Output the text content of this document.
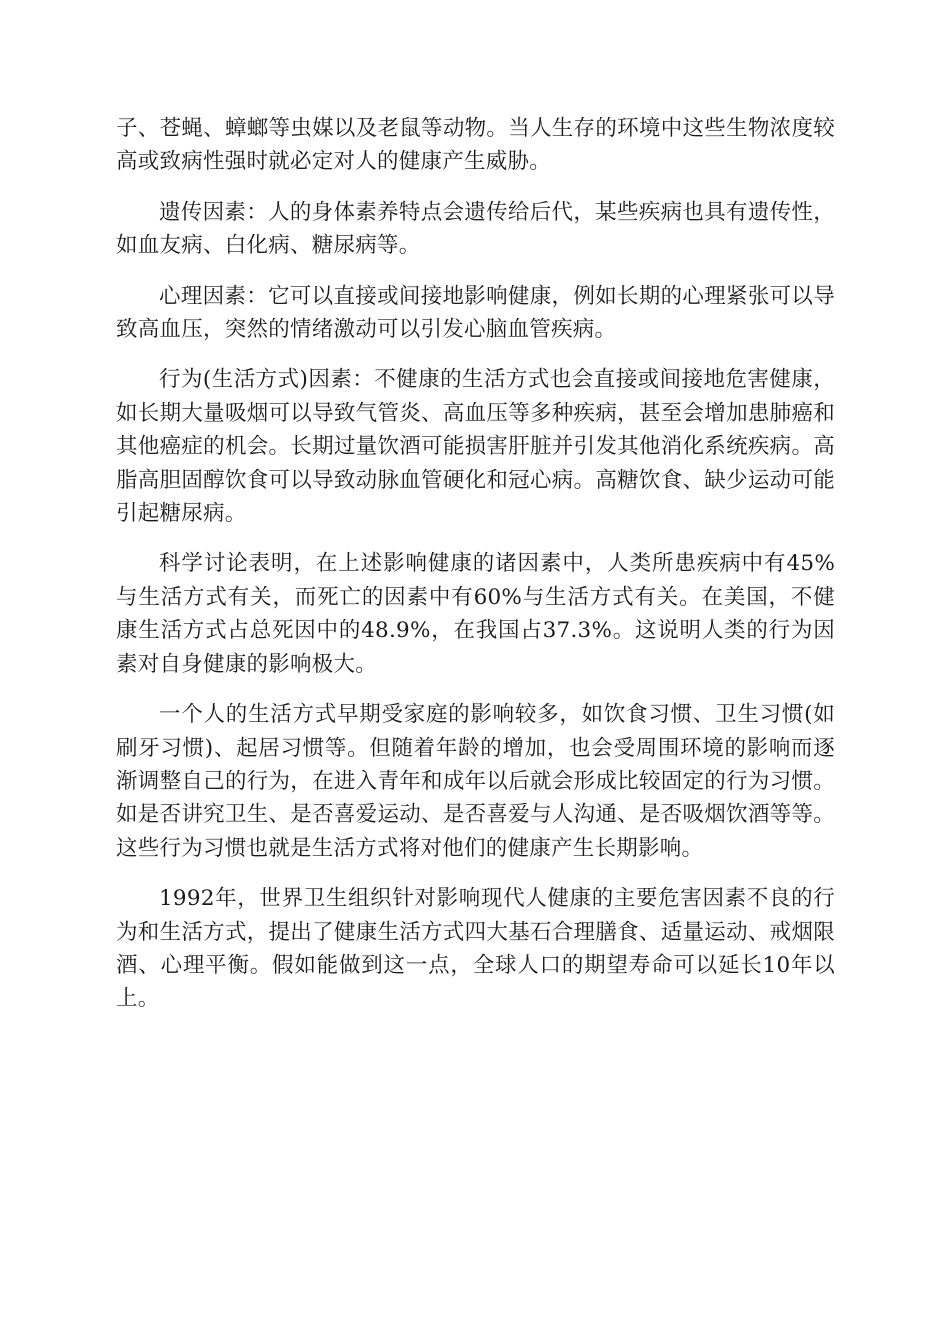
子、苍蝇、蟑螂等虫媒以及老鼠等动物。当人生存的环境中这些生物浓度较高或致病性强时就必定对人的健康产生威胁。

遗传因素：人的身体素养特点会遗传给后代，某些疾病也具有遗传性，如血友病、白化病、糖尿病等。

心理因素：它可以直接或间接地影响健康，例如长期的心理紧张可以导致高血压，突然的情绪激动可以引发心脑血管疾病。

行为(生活方式)因素：不健康的生活方式也会直接或间接地危害健康，如长期大量吸烟可以导致气管炎、高血压等多种疾病，甚至会增加患肺癌和其他癌症的机会。长期过量饮酒可能损害肝脏并引发其他消化系统疾病。高脂高胆固醇饮食可以导致动脉血管硬化和冠心病。高糖饮食、缺少运动可能引起糖尿病。

科学讨论表明，在上述影响健康的诸因素中，人类所患疾病中有45%与生活方式有关，而死亡的因素中有60%与生活方式有关。在美国，不健康生活方式占总死因中的48.9%，在我国占37.3%。这说明人类的行为因素对自身健康的影响极大。

一个人的生活方式早期受家庭的影响较多，如饮食习惯、卫生习惯(如刷牙习惯)、起居习惯等。但随着年龄的增加，也会受周围环境的影响而逐渐调整自己的行为，在进入青年和成年以后就会形成比较固定的行为习惯。如是否讲究卫生、是否喜爱运动、是否喜爱与人沟通、是否吸烟饮酒等等。这些行为习惯也就是生活方式将对他们的健康产生长期影响。

1992年，世界卫生组织针对影响现代人健康的主要危害因素不良的行为和生活方式，提出了健康生活方式四大基石合理膳食、适量运动、戒烟限酒、心理平衡。假如能做到这一点，全球人口的期望寿命可以延长10年以上。
